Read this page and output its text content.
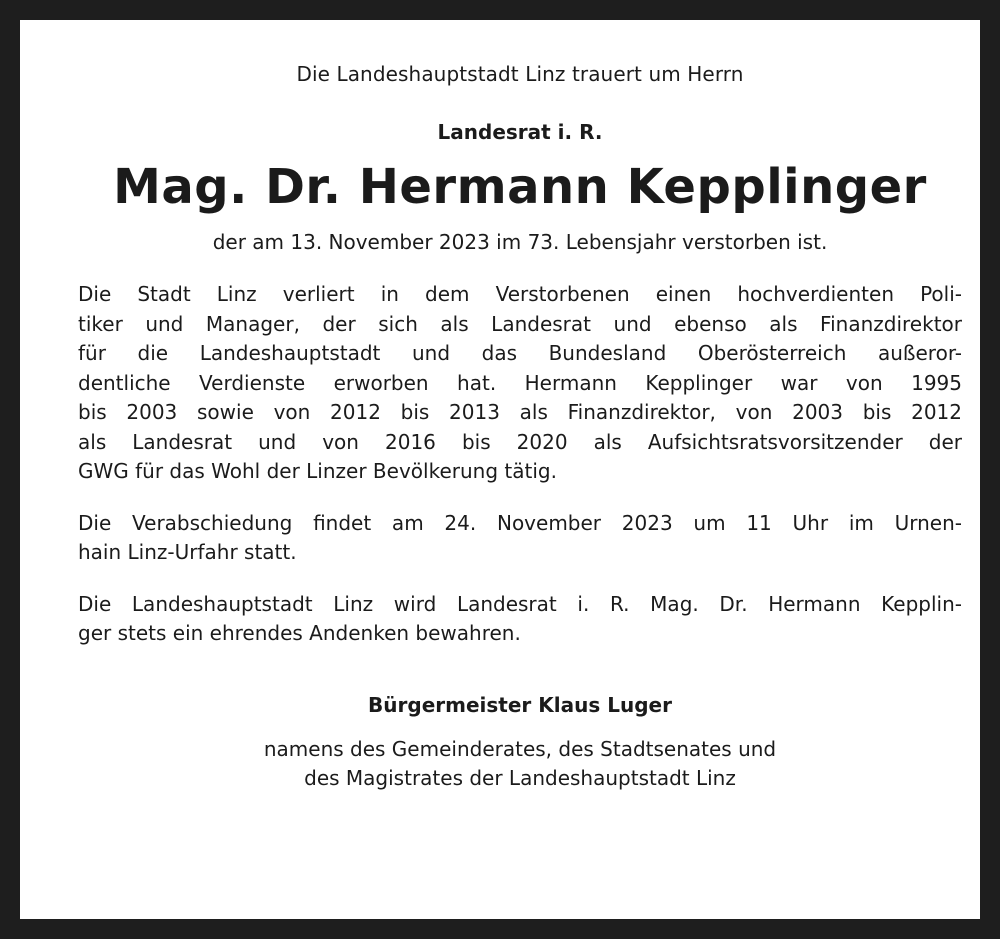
Die Landeshauptstadt Linz trauert um Herrn

Landesrat i. R.

Mag. Dr. Hermann Kepplinger

der am 13. November 2023 im 73. Lebensjahr verstorben ist.

Die Stadt Linz verliert in dem Verstorbenen einen hochverdienten Poli-
tiker und Manager, der sich als Landesrat und ebenso als Finanzdirektor
für die Landeshauptstadt und das Bundesland Oberösterreich außeror-
dentliche Verdienste erworben hat. Hermann Kepplinger war von 1995
bis 2003 sowie von 2012 bis 2013 als Finanzdirektor, von 2003 bis 2012
als Landesrat und von 2016 bis 2020 als Aufsichtsratsvorsitzender der
GWG für das Wohl der Linzer Bevölkerung tätig.

Die Verabschiedung findet am 24. November 2023 um 11 Uhr im Urnen-
hain Linz-Urfahr statt.

Die Landeshauptstadt Linz wird Landesrat i. R. Mag. Dr. Hermann Kepplin-
ger stets ein ehrendes Andenken bewahren.

Bürgermeister Klaus Luger

namens des Gemeinderates, des Stadtsenates und
des Magistrates der Landeshauptstadt Linz
